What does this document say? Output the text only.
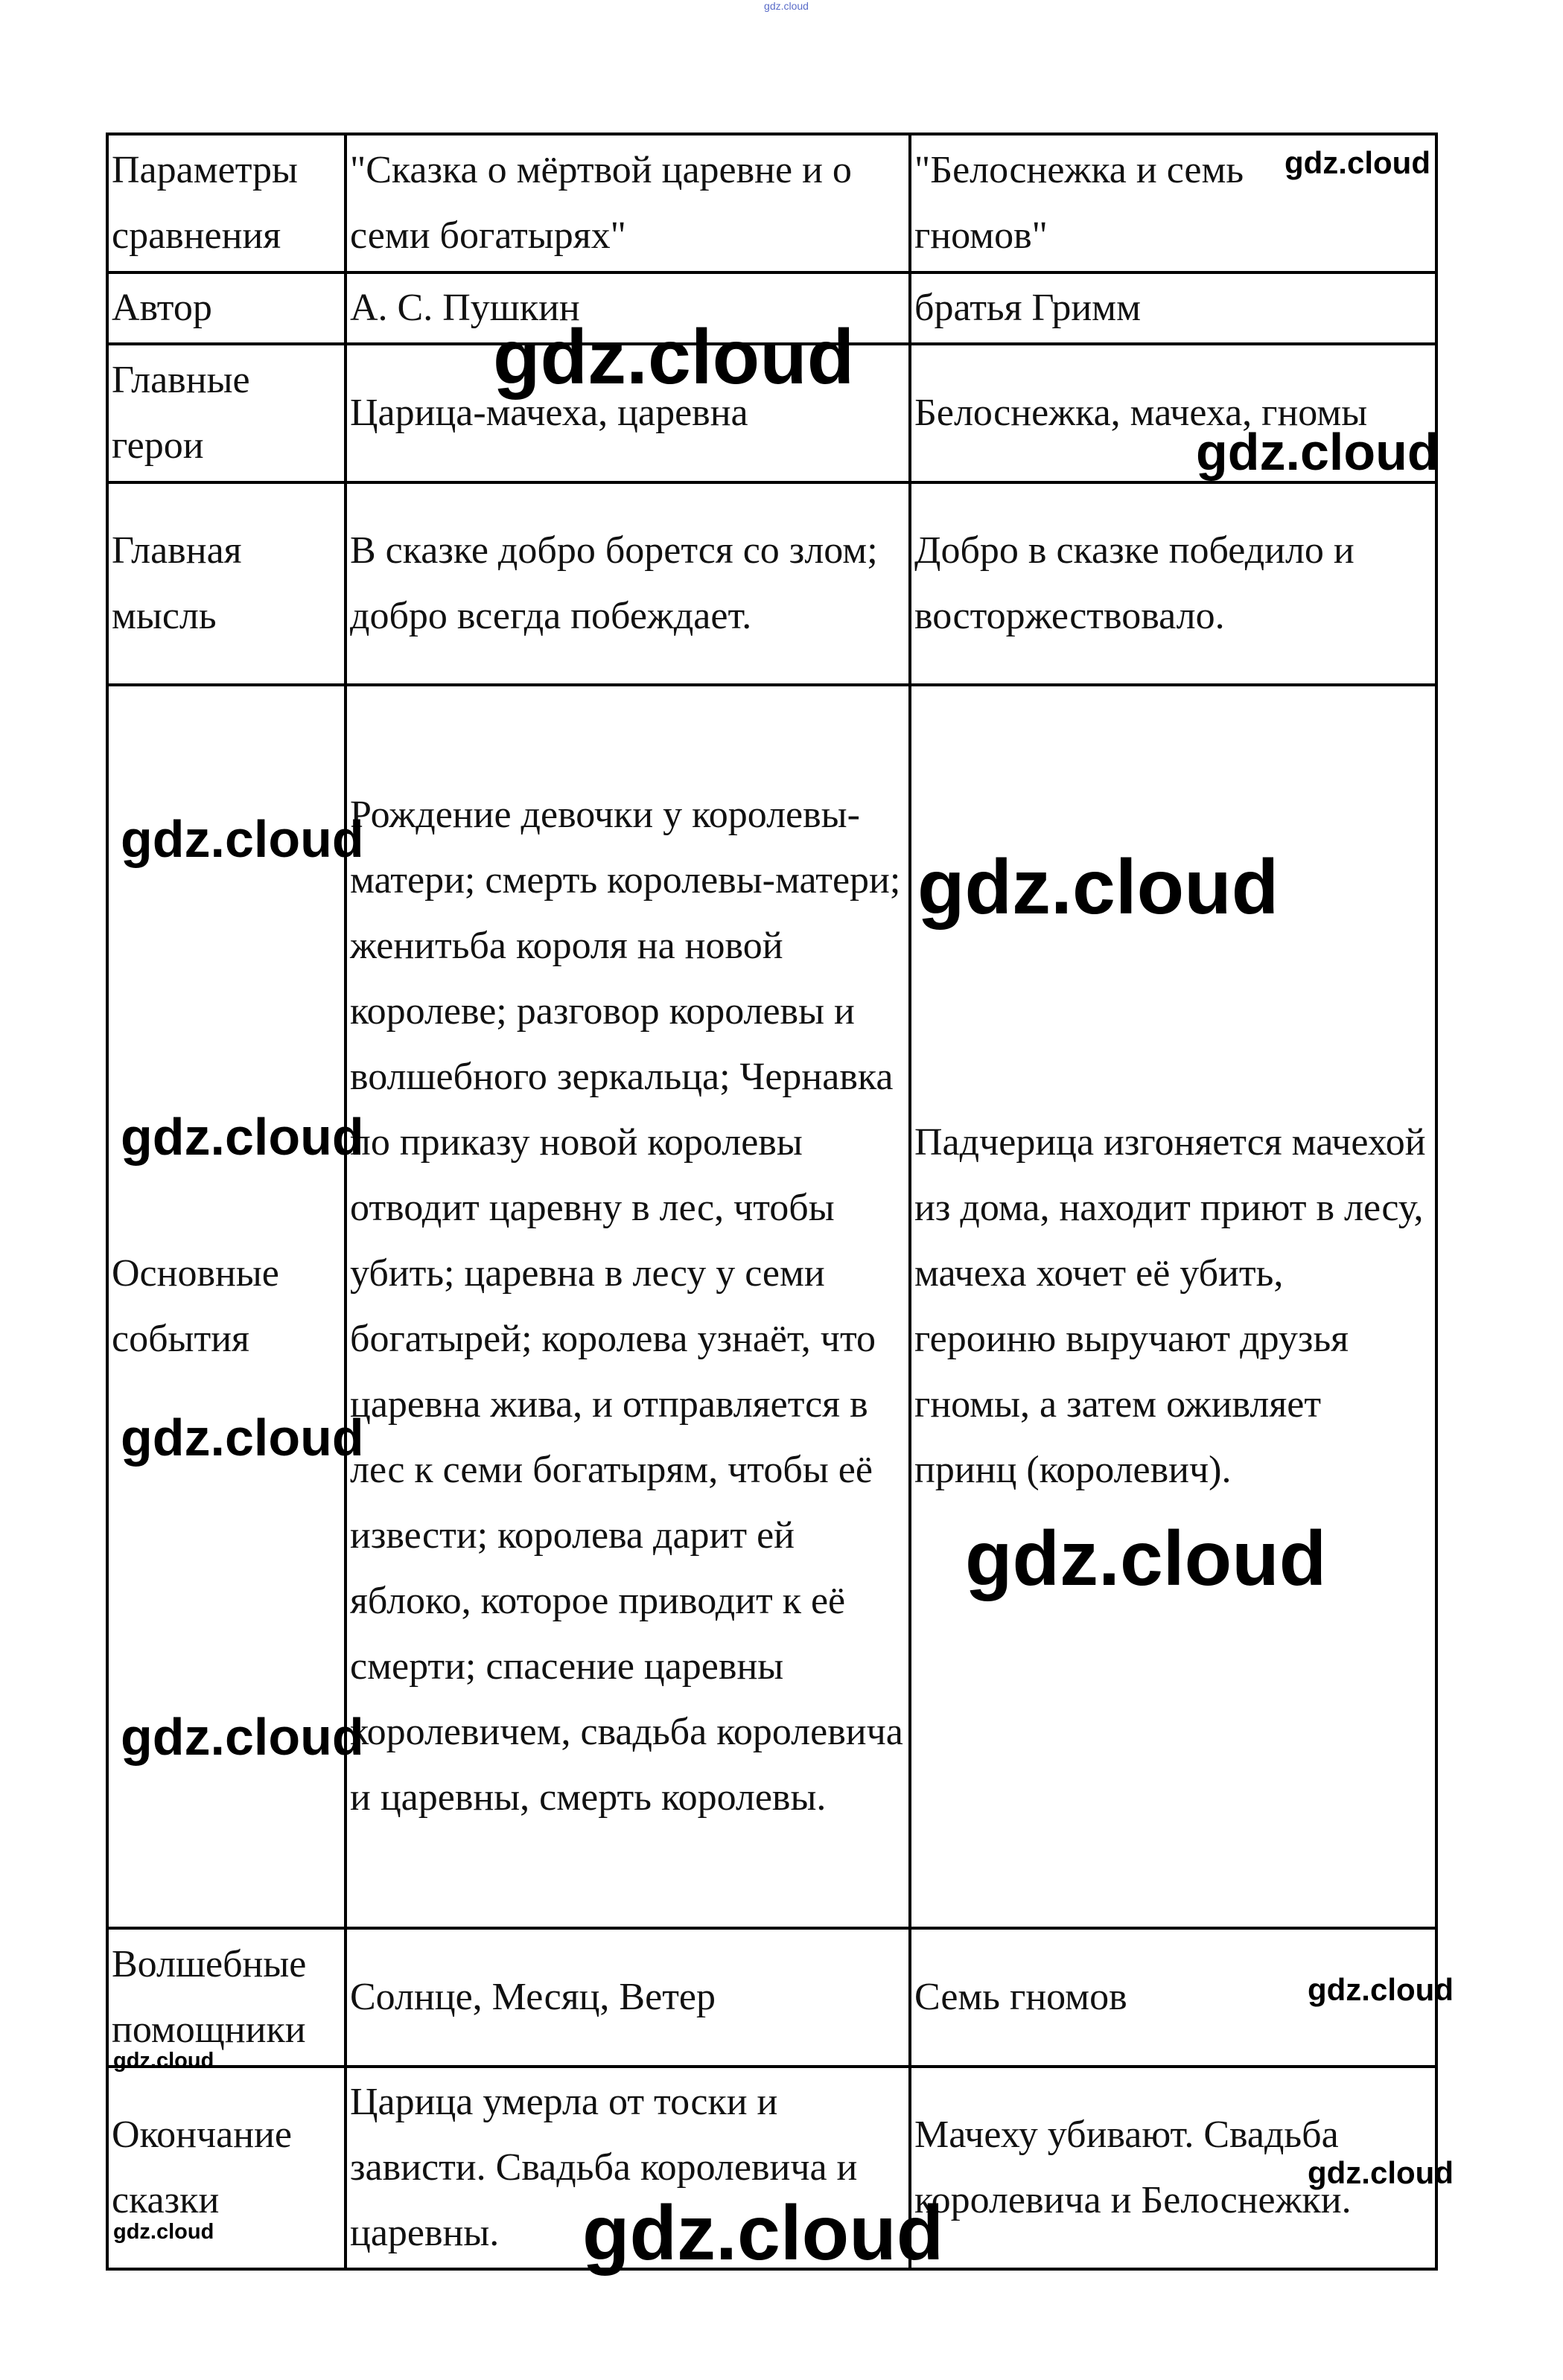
gdz.cloud
Параметры сравнения	"Сказка о мёртвой царевне и о семи богатырях"	"Белоснежка и семь гномов"
Автор	А. С. Пушкин	братья Гримм
Главные герои	Царица-мачеха, царевна	Белоснежка, мачеха, гномы
Главная мысль	В сказке добро борется со злом; добро всегда побеждает.	Добро в сказке победило и восторжествовало.
Основные события	Рождение девочки у королевы-матери; смерть королевы-матери; женитьба короля на новой королеве; разговор королевы и волшебного зеркальца; Чернавка по приказу новой королевы отводит царевну в лес, чтобы убить; царевна в лесу у семи богатырей; королева узнаёт, что царевна жива, и отправляется в лес к семи богатырям, чтобы её извести; королева дарит ей яблоко, которое приводит к её смерти; спасение царевны королевичем, свадьба королевича и царевны, смерть королевы.	Падчерица изгоняется мачехой из дома, находит приют в лесу, мачеха хочет её убить, героиню выручают друзья гномы, а затем оживляет принц (королевич).
Волшебные помощники	Солнце, Месяц, Ветер	Семь гномов
Окончание сказки	Царица умерла от тоски и зависти. Свадьба королевича и царевны.	Мачеху убивают. Свадьба королевича и Белоснежки.
gdz.cloud
gdz.cloud
gdz.cloud
gdz.cloud
gdz.cloud
gdz.cloud
gdz.cloud
gdz.cloud
gdz.cloud
gdz.cloud
gdz.cloud
gdz.cloud
gdz.cloud	gdz.cloud
